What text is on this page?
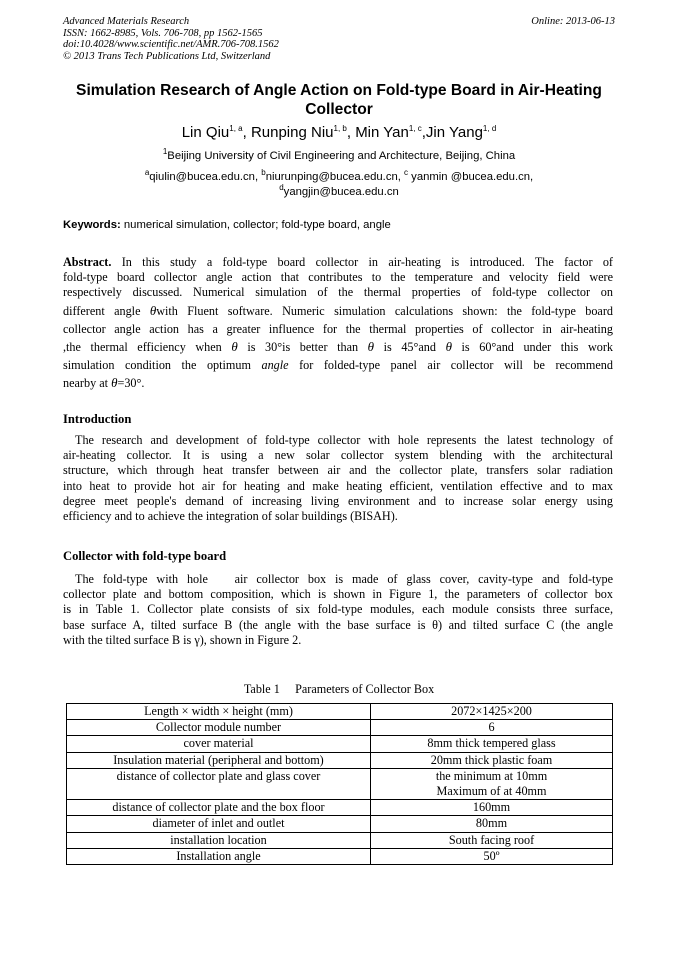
Advanced Materials Research
ISSN: 1662-8985, Vols. 706-708, pp 1562-1565
doi:10.4028/www.scientific.net/AMR.706-708.1562
© 2013 Trans Tech Publications Ltd, Switzerland
Online: 2013-06-13
Simulation Research of Angle Action on Fold-type Board in Air-Heating
Collector
Lin Qiu$^{1, a}$, Runping Niu$^{1, b}$, Min Yan$^{1, c}$,Jin Yang$^{1, d}$
$^1$Beijing University of Civil Engineering and Architecture, Beijing, China
$^a$qiulin@bucea.edu.cn, $^b$niurunping@bucea.edu.cn, $^c$ yanmin @bucea.edu.cn,
$^d$yangjin@bucea.edu.cn
Keywords: numerical simulation, collector; fold-type board, angle
Abstract. In this study a fold-type board collector in air-heating is introduced. The factor of
fold-type board collector angle action that contributes to the temperature and velocity field were
respectively discussed. Numerical simulation of the thermal properties of fold-type collector on
different angle θwith Fluent software. Numeric simulation calculations shown: the fold-type board
collector angle action has a greater influence for the thermal properties of collector in air-heating
,the thermal efficiency when θ is 30°is better than θ is 45°and θ is 60°and under this work
simulation condition the optimum angle for folded-type panel air collector will be recommend
nearby at θ=30°.
Introduction
The research and development of fold-type collector with hole represents the latest technology of
air-heating collector. It is using a new solar collector system blending with the architectural
structure, which through heat transfer between air and the collector plate, transfers solar radiation
into heat to provide hot air for heating and make heating efficient, ventilation effective and to max
degree meet people's demand of increasing living environment and to increase solar energy using
efficiency and to achieve the integration of solar buildings (BISAH).
Collector with fold-type board
The fold-type with hole   air collector box is made of glass cover, cavity-type and fold-type
collector plate and bottom composition, which is shown in Figure 1, the parameters of collector box
is in Table 1. Collector plate consists of six fold-type modules, each module consists three surface,
base surface A, tilted surface B (the angle with the base surface is θ) and tilted surface C (the angle
with the tilted surface B is γ), shown in Figure 2.
Table 1     Parameters of Collector Box
Length × width × height (mm)	2072×1425×200
Collector module number	6
cover material	8mm thick tempered glass
Insulation material (peripheral and bottom)	20mm thick plastic foam

distance of collector plate and glass cover	the minimum at 10mm
Maximum of at 40mm

distance of collector plate and the box floor	160mm
diameter of inlet and outlet	80mm
installation location	South facing roof
Installation angle	50º
